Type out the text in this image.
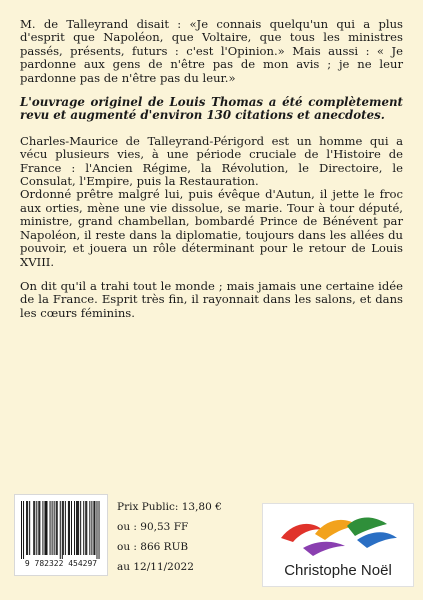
M. de Talleyrand disait : «Je connais quelqu'un qui a plus d'esprit que Napoléon, que Voltaire, que tous les ministres passés, présents, futurs : c'est l'Opinion.» Mais aussi : « Je pardonne aux gens de n'être pas de mon avis ; je ne leur pardonne pas de n'être pas du leur.»

L'ouvrage originel de Louis Thomas a été complètement revu et augmenté d'environ 130 citations et anecdotes.

Charles-Maurice de Talleyrand-Périgord est un homme qui a vécu plusieurs vies, à une période cruciale de l'Histoire de France : l'Ancien Régime, la Révolution, le Directoire, le Consulat, l'Empire, puis la Restauration.

Ordonné prêtre malgré lui, puis évêque d'Autun, il jette le froc aux orties, mène une vie dissolue, se marie. Tour à tour député, ministre, grand chambellan, bombardé Prince de Bénévent par Napoléon, il reste dans la diplomatie, toujours dans les allées du pouvoir, et jouera un rôle déterminant pour le retour de Louis XVIII.

On dit qu'il a trahi tout le monde ; mais jamais une certaine idée de la France. Esprit très fin, il rayonnait dans les salons, et dans les cœurs féminins.

9 782322 454297
Prix Public: 13,80 €
ou : 90,53 FF
ou : 866 RUB
au 12/11/2022	Christophe Noël
